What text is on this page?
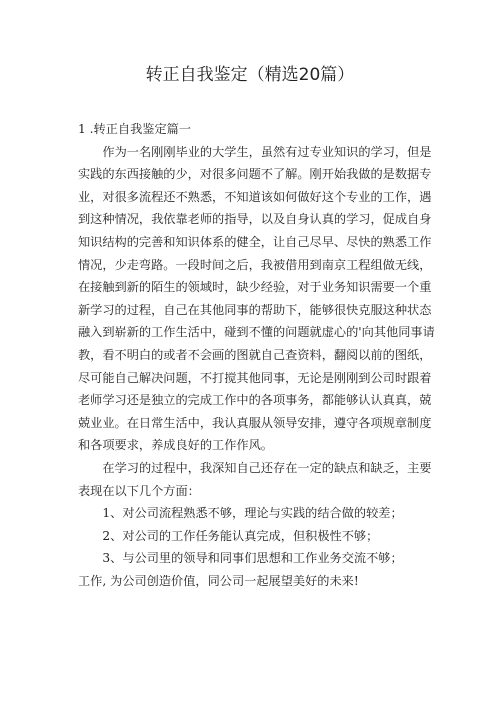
转正自我鉴定（精选20篇）

1 .转正自我鉴定篇一

作为一名刚刚毕业的大学生，虽然有过专业知识的学习，但是实践的东西接触的少，对很多问题不了解。刚开始我做的是数据专业，对很多流程还不熟悉，不知道该如何做好这个专业的工作，遇到这种情况，我依靠老师的指导，以及自身认真的学习，促成自身知识结构的完善和知识体系的健全，让自己尽早、尽快的熟悉工作情况，少走弯路。一段时间之后，我被借用到南京工程组做无线，在接触到新的陌生的领域时，缺少经验，对于业务知识需要一个重新学习的过程，自己在其他同事的帮助下，能够很快克服这种状态融入到崭新的工作生活中，碰到不懂的问题就虚心的'向其他同事请教，看不明白的或者不会画的图就自己查资料，翻阅以前的图纸，尽可能自己解决问题，不打搅其他同事，无论是刚刚到公司时跟着老师学习还是独立的完成工作中的各项事务，都能够认认真真，兢兢业业。在日常生活中，我认真服从领导安排，遵守各项规章制度和各项要求，养成良好的工作作风。

在学习的过程中，我深知自己还存在一定的缺点和缺乏，主要表现在以下几个方面：

1、对公司流程熟悉不够，理论与实践的结合做的较差；

2、对公司的工作任务能认真完成，但积极性不够；

3、与公司里的领导和同事们思想和工作业务交流不够；

工作, 为公司创造价值，同公司一起展望美好的未来!
